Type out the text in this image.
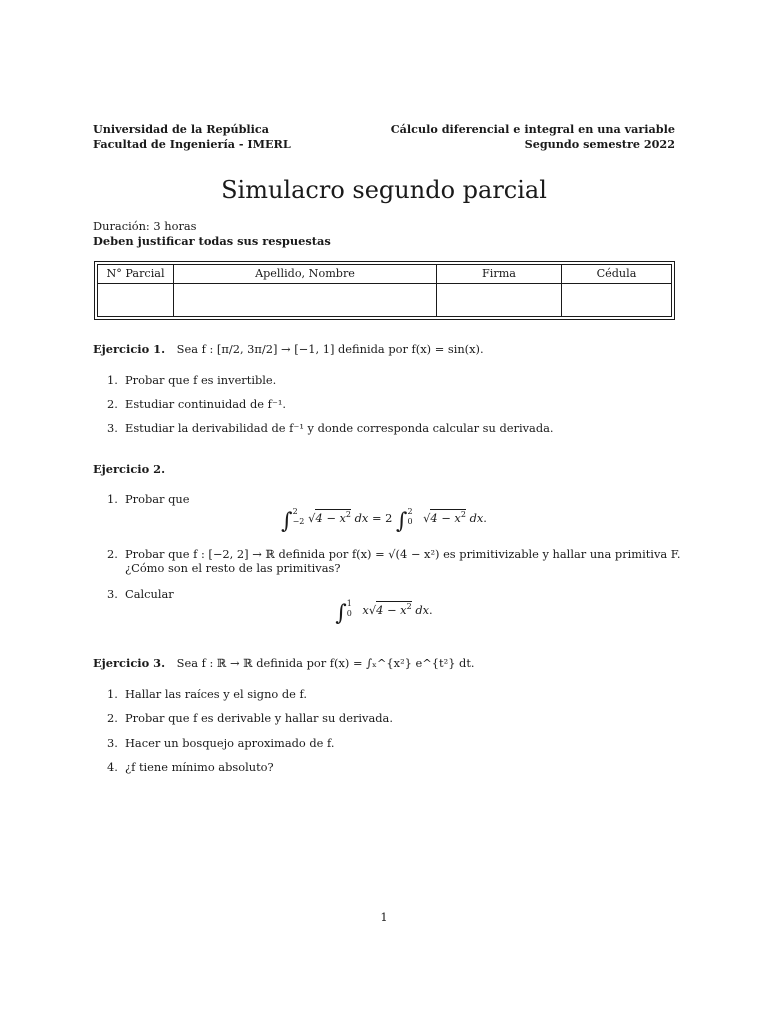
Universidad de la República
Facultad de Ingeniería - IMERL
Cálculo diferencial e integral en una variable
Segundo semestre 2022
Simulacro segundo parcial
Duración: 3 horas
Deben justificar todas sus respuestas
N° Parcial	Apellido, Nombre	Firma	Cédula

Ejercicio 1. Sea f : [π/2, 3π/2] → [−1, 1] definida por f(x) = sin(x).
1. Probar que f es invertible.
2. Estudiar continuidad de f⁻¹.
3. Estudiar la derivabilidad de f⁻¹ y donde corresponda calcular su derivada.
Ejercicio 2.
1. Probar que
∫ 2
−2 $√4 - x^2$ dx = 2 ∫ 2
0 $√4 - x^2$ dx.
2. Probar que f : [−2, 2] → ℝ definida por f(x) = √(4 − x²) es primitivizable y hallar una primitiva F. ¿Cómo son el resto de las primitivas?
3. Calcular
∫ 1
0 $x√4 - x^2$ dx.
Ejercicio 3. Sea f : ℝ → ℝ definida por f(x) = ∫ₓ^{x²} e^{t²} dt.
1. Hallar las raíces y el signo de f.
2. Probar que f es derivable y hallar su derivada.
3. Hacer un bosquejo aproximado de f.
4. ¿f tiene mínimo absoluto?
1
